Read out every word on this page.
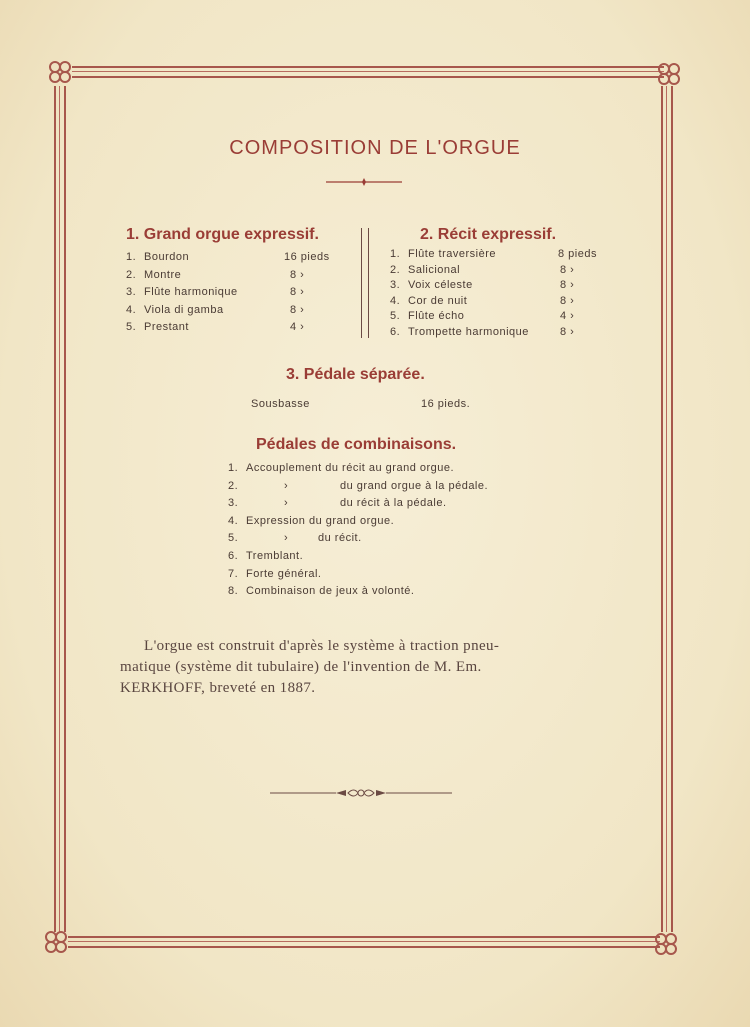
COMPOSITION DE L'ORGUE
1. Grand orgue expressif.
1. Bourdon	16 pieds
2. Montre	8 ›
3. Flûte harmonique	8 ›
4. Viola di gamba	8 ›
5. Prestant	4 ›
2. Récit expressif.
1. Flûte traversière	8 pieds
2. Salicional	8 ›
3. Voix céleste	8 ›
4. Cor de nuit	8 ›
5. Flûte écho	4 ›
6. Trompette harmonique	8 ›
3. Pédale séparée.
Sousbasse	16 pieds.
Pédales de combinaisons.
1. Accouplement du récit au grand orgue.
2.	›	du grand orgue à la pédale.
3.	›	du récit à la pédale.
4. Expression du grand orgue.
5.	›	du récit.
6. Tremblant.
7. Forte général.
8. Combinaison de jeux à volonté.
L'orgue est construit d'après le système à traction pneu-
matique (système dit tubulaire) de l'invention de M. Em.
KERKHOFF, breveté en 1887.
